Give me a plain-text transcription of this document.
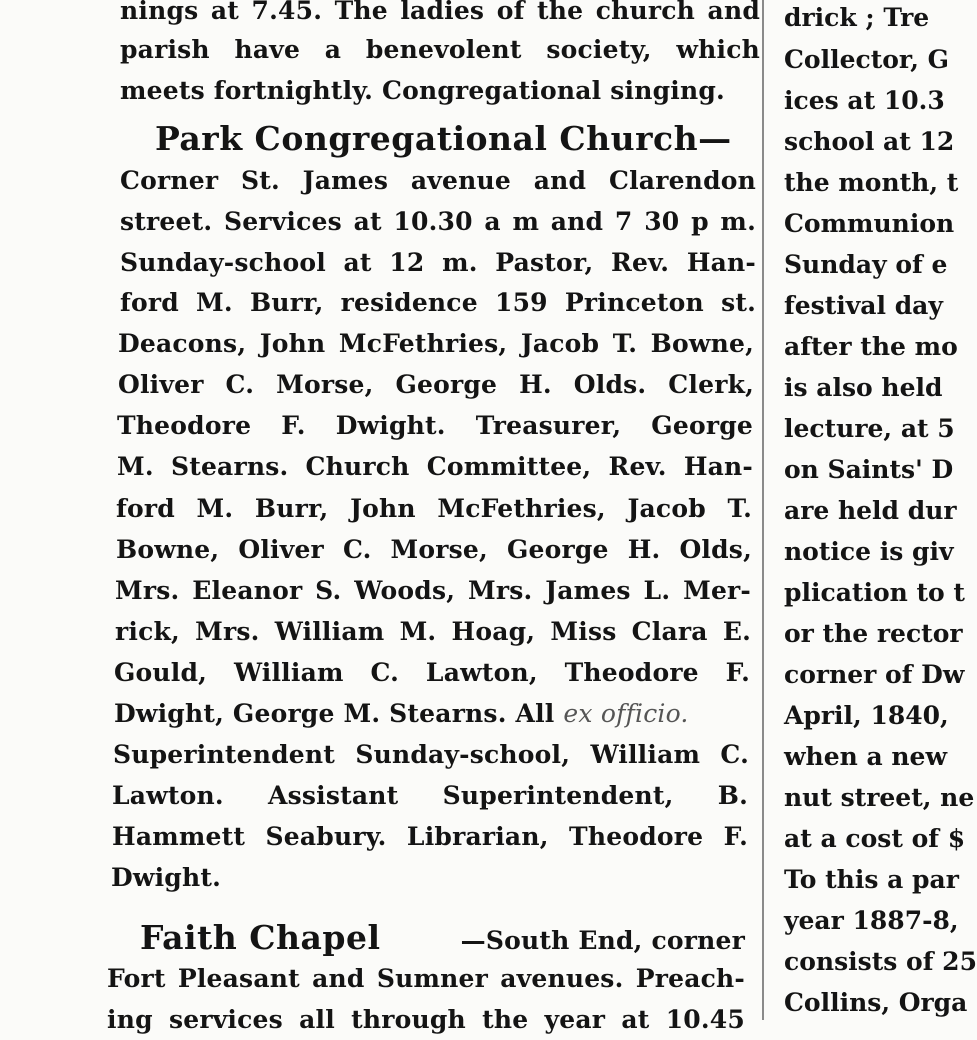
nings at 7.45. The ladies of the church and
parish have a benevolent society, which
meets fortnightly. Congregational singing.
Park Congregational Church—
Corner St. James avenue and Clarendon
street. Services at 10.30 a m and 7 30 p m.
Sunday-school at 12 m. Pastor, Rev. Han-
ford M. Burr, residence 159 Princeton st.
Deacons, John McFethries, Jacob T. Bowne,
Oliver C. Morse, George H. Olds. Clerk,
Theodore F. Dwight. Treasurer, George
M. Stearns. Church Committee, Rev. Han-
ford M. Burr, John McFethries, Jacob T.
Bowne, Oliver C. Morse, George H. Olds,
Mrs. Eleanor S. Woods, Mrs. James L. Mer-
rick, Mrs. William M. Hoag, Miss Clara E.
Gould, William C. Lawton, Theodore F.
Dwight, George M. Stearns. All ex officio.
Superintendent Sunday-school, William C.
Lawton. Assistant Superintendent, B.
Hammett Seabury. Librarian, Theodore F.
Dwight.
Faith Chapel	—South End, corner
Fort Pleasant and Sumner avenues. Preach-
ing services all through the year at 10.45
drick ; Tre
Collector, G
ices at 10.3
school at 12
the month, t
Communion
Sunday of e
festival day
after the mo
is also held
lecture, at 5
on Saints' D
are held dur
notice is giv
plication to t
or the rector
corner of Dw
April, 1840,
when a new
nut street, ne
at a cost of $
To this a par
year 1887-8,
consists of 25
Collins, Orga
